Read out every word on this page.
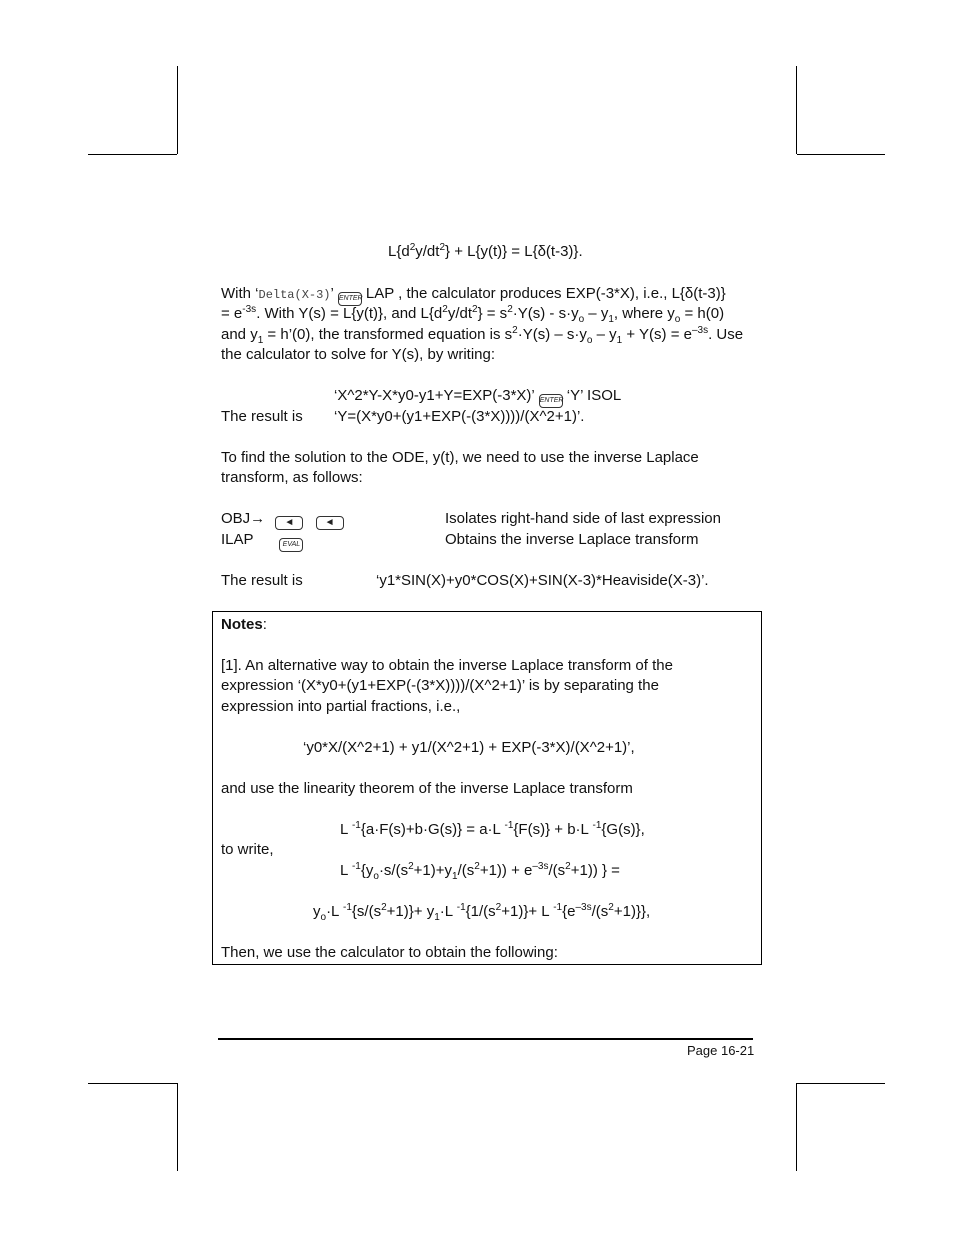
$L\{d^2y/dt^2\} + L\{y(t)\} = L\{\delta(t-3)\}$.
With ‘Delta(X-3)’ ENTER LAP , the calculator produces EXP(-3*X), i.e., L{δ(t-3)}
= $e^{-3s}$. With Y(s) = L{y(t)}, and $L\{d^2y/dt^2\} = s^2\cdot Y(s) - s\cdot y_o - y_1$, where $y_o = h(0)$
and $y_1$ = h’(0), the transformed equation is $s^2\cdot Y(s) - s\cdot y_o - y_1 + Y(s) = e^{-3s}$. Use
the calculator to solve for Y(s), by writing:
‘X^2*Y-X*y0-y1+Y=EXP(-3*X)’ ENTER ‘Y’ ISOL
The result is ‘Y=(X*y0+(y1+EXP(-(3*X))))/(X^2+1)’.
To find the solution to the ODE, y(t), we need to use the inverse Laplace
transform, as follows:
OBJ→ ◄	◄	Isolates right-hand side of last expression
ILAP	EVAL	Obtains the inverse Laplace transform
The result is	‘y1*SIN(X)+y0*COS(X)+SIN(X-3)*Heaviside(X-3)’.
Notes:
[1]. An alternative way to obtain the inverse Laplace transform of the
expression ‘(X*y0+(y1+EXP(-(3*X))))/(X^2+1)’ is by separating the
expression into partial fractions, i.e.,
‘y0*X/(X^2+1) + y1/(X^2+1) + EXP(-3*X)/(X^2+1)’,
and use the linearity theorem of the inverse Laplace transform
L $^{-1}${a·F(s)+b·G(s)} = a·L $^{-1}${F(s)} + b·L $^{-1}${G(s)},
to write,
L $^{-1}\{y_o\cdot s/(s^2+1)+y_1/(s^2+1)) + e^{-3s}/(s^2+1)$) } =
$y_o\cdot L$ $^{-1}\{s/(s^2+1)\}+ y_1\cdot L$ $^{-1}\{1/(s^2+1)\}+ L$ $^{-1}\{e^{-3s}/(s^2+1)\}$},
Then, we use the calculator to obtain the following:
Page 16-21
